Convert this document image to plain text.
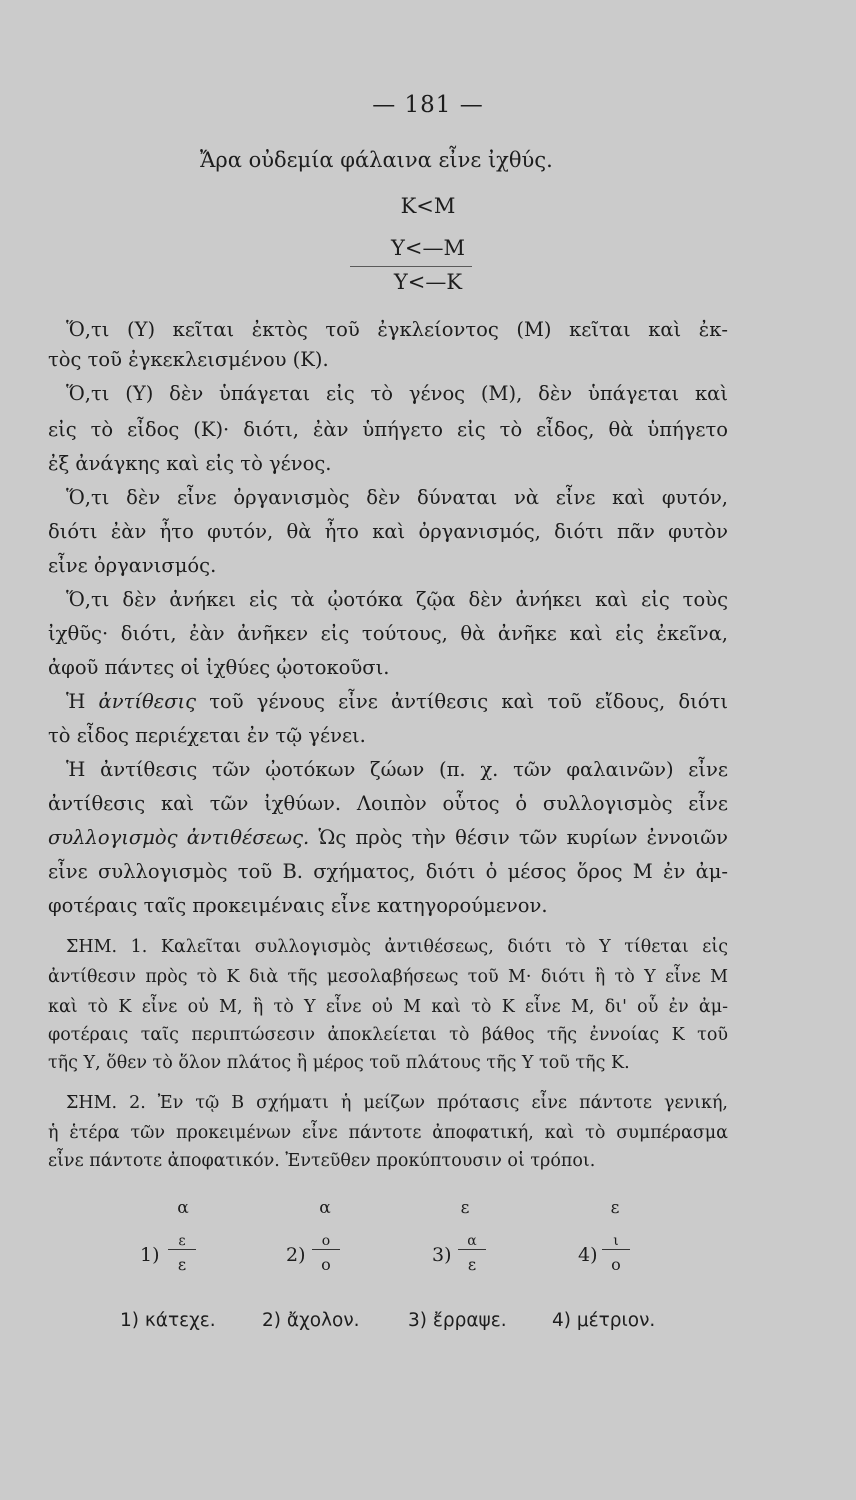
— 181 —
Ἄρα οὐδεμία φάλαινα εἶνε ἰχθύς.
Κ<Μ
Υ<—Μ
Υ<—Κ
Ὅ,τι (Υ) κεῖται ἐκτὸς τοῦ ἐγκλείοντος (Μ) κεῖται καὶ ἐκ-
τὸς τοῦ ἐγκεκλεισμένου (Κ).
Ὅ,τι (Υ) δὲν ὑπάγεται εἰς τὸ γένος (Μ), δὲν ὑπάγεται καὶ
εἰς τὸ εἶδος (Κ)· διότι, ἐὰν ὑπήγετο εἰς τὸ εἶδος, θὰ ὑπήγετο
ἐξ ἀνάγκης καὶ εἰς τὸ γένος.
Ὅ,τι δὲν εἶνε ὀργανισμὸς δὲν δύναται νὰ εἶνε καὶ φυτόν,
διότι ἐὰν ἦτο φυτόν, θὰ ἦτο καὶ ὀργανισμός, διότι πᾶν φυτὸν
εἶνε ὀργανισμός.
Ὅ,τι δὲν ἀνήκει εἰς τὰ ᾠοτόκα ζῷα δὲν ἀνήκει καὶ εἰς τοὺς
ἰχθῦς· διότι, ἐὰν ἀνῆκεν εἰς τούτους, θὰ ἀνῆκε καὶ εἰς ἐκεῖνα,
ἀφοῦ πάντες οἱ ἰχθύες ᾠοτοκοῦσι.
Ἡ ἀντίθεσις τοῦ γένους εἶνε ἀντίθεσις καὶ τοῦ εἴδους, διότι
τὸ εἶδος περιέχεται ἐν τῷ γένει.
Ἡ ἀντίθεσις τῶν ᾠοτόκων ζώων (π. χ. τῶν φαλαινῶν) εἶνε
ἀντίθεσις καὶ τῶν ἰχθύων. Λοιπὸν οὗτος ὁ συλλογισμὸς εἶνε
συλλογισμὸς ἀντιθέσεως. Ὡς πρὸς τὴν θέσιν τῶν κυρίων ἐννοιῶν
εἶνε συλλογισμὸς τοῦ Β. σχήματος, διότι ὁ μέσος ὅρος Μ ἐν ἀμ-
φοτέραις ταῖς προκειμέναις εἶνε κατηγορούμενον.
ΣΗΜ. 1. Καλεῖται συλλογισμὸς ἀντιθέσεως, διότι τὸ Υ τίθεται εἰς
ἀντίθεσιν πρὸς τὸ Κ διὰ τῆς μεσολαβήσεως τοῦ Μ· διότι ἢ τὸ Υ εἶνε Μ
καὶ τὸ Κ εἶνε οὐ Μ, ἢ τὸ Υ εἶνε οὐ Μ καὶ τὸ Κ εἶνε Μ, δι' οὗ ἐν ἀμ-
φοτέραις ταῖς περιπτώσεσιν ἀποκλείεται τὸ βάθος τῆς ἐννοίας Κ τοῦ
τῆς Υ, ὅθεν τὸ ὅλον πλάτος ἢ μέρος τοῦ πλάτους τῆς Υ τοῦ τῆς Κ.
ΣΗΜ. 2. Ἐν τῷ Β σχήματι ἡ μείζων πρότασις εἶνε πάντοτε γενική,
ἡ ἑτέρα τῶν προκειμένων εἶνε πάντοτε ἀποφατική, καὶ τὸ συμπέρασμα
εἶνε πάντοτε ἀποφατικόν. Ἐντεῦθεν προκύπτουσιν οἱ τρόποι.
α	α	ε	ε
$1) \frac{\varepsilon}{\varepsilon}$	$2) \frac{o}{o}$	$3) \frac{\alpha}{\varepsilon}$	$4) \frac{\iota}{o}$
1) κάτεχε.	2) ἄχολον.	3) ἔρραψε. 4) μέτριον.
